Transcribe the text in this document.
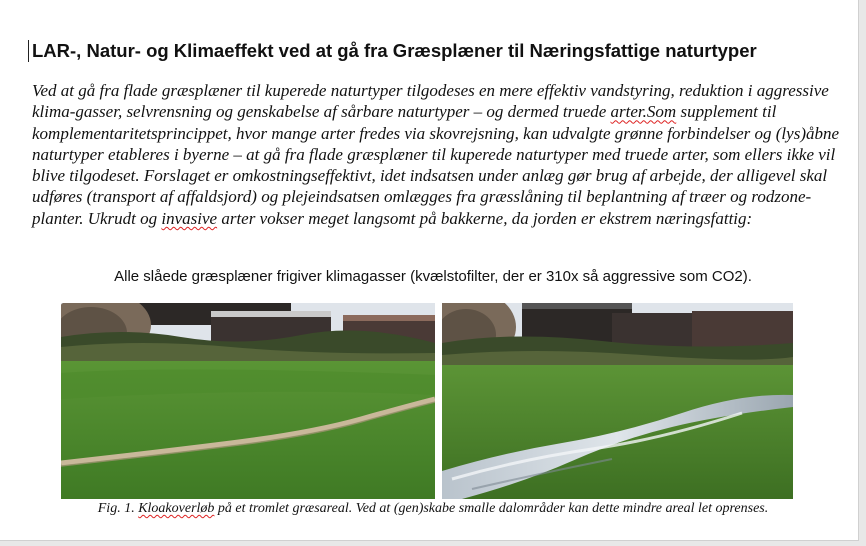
LAR-, Natur- og Klimaeffekt ved at gå fra Græsplæner til Næringsfattige naturtyper

Ved at gå fra flade græsplæner til kuperede naturtyper tilgodeses en mere effektiv vandstyring, reduktion i aggressive klima-gasser, selvrensning og genskabelse af sårbare naturtyper – og dermed truede arter.Som supplement til komplementaritetsprincippet, hvor mange arter fredes via skovrejsning, kan udvalgte grønne forbindelser og (lys)åbne naturtyper etableres i byerne – at gå fra flade græsplæner til kuperede naturtyper med truede arter, som ellers ikke vil blive tilgodeset. Forslaget er omkostningseffektivt, idet indsatsen under anlæg gør brug af arbejde, der alligevel skal udføres (transport af affaldsjord) og plejeindsatsen omlægges fra græsslåning til beplantning af træer og rodzone-planter. Ukrudt og invasive arter vokser meget langsomt på bakkerne, da jorden er ekstrem næringsfattig:

Alle slåede græsplæner frigiver klimagasser (kvælstofilter, der er 310x så aggressive som CO2).

Fig. 1. Kloakoverløb på et tromlet græsareal. Ved at (gen)skabe smalle dalområder kan dette mindre areal let oprenses.
